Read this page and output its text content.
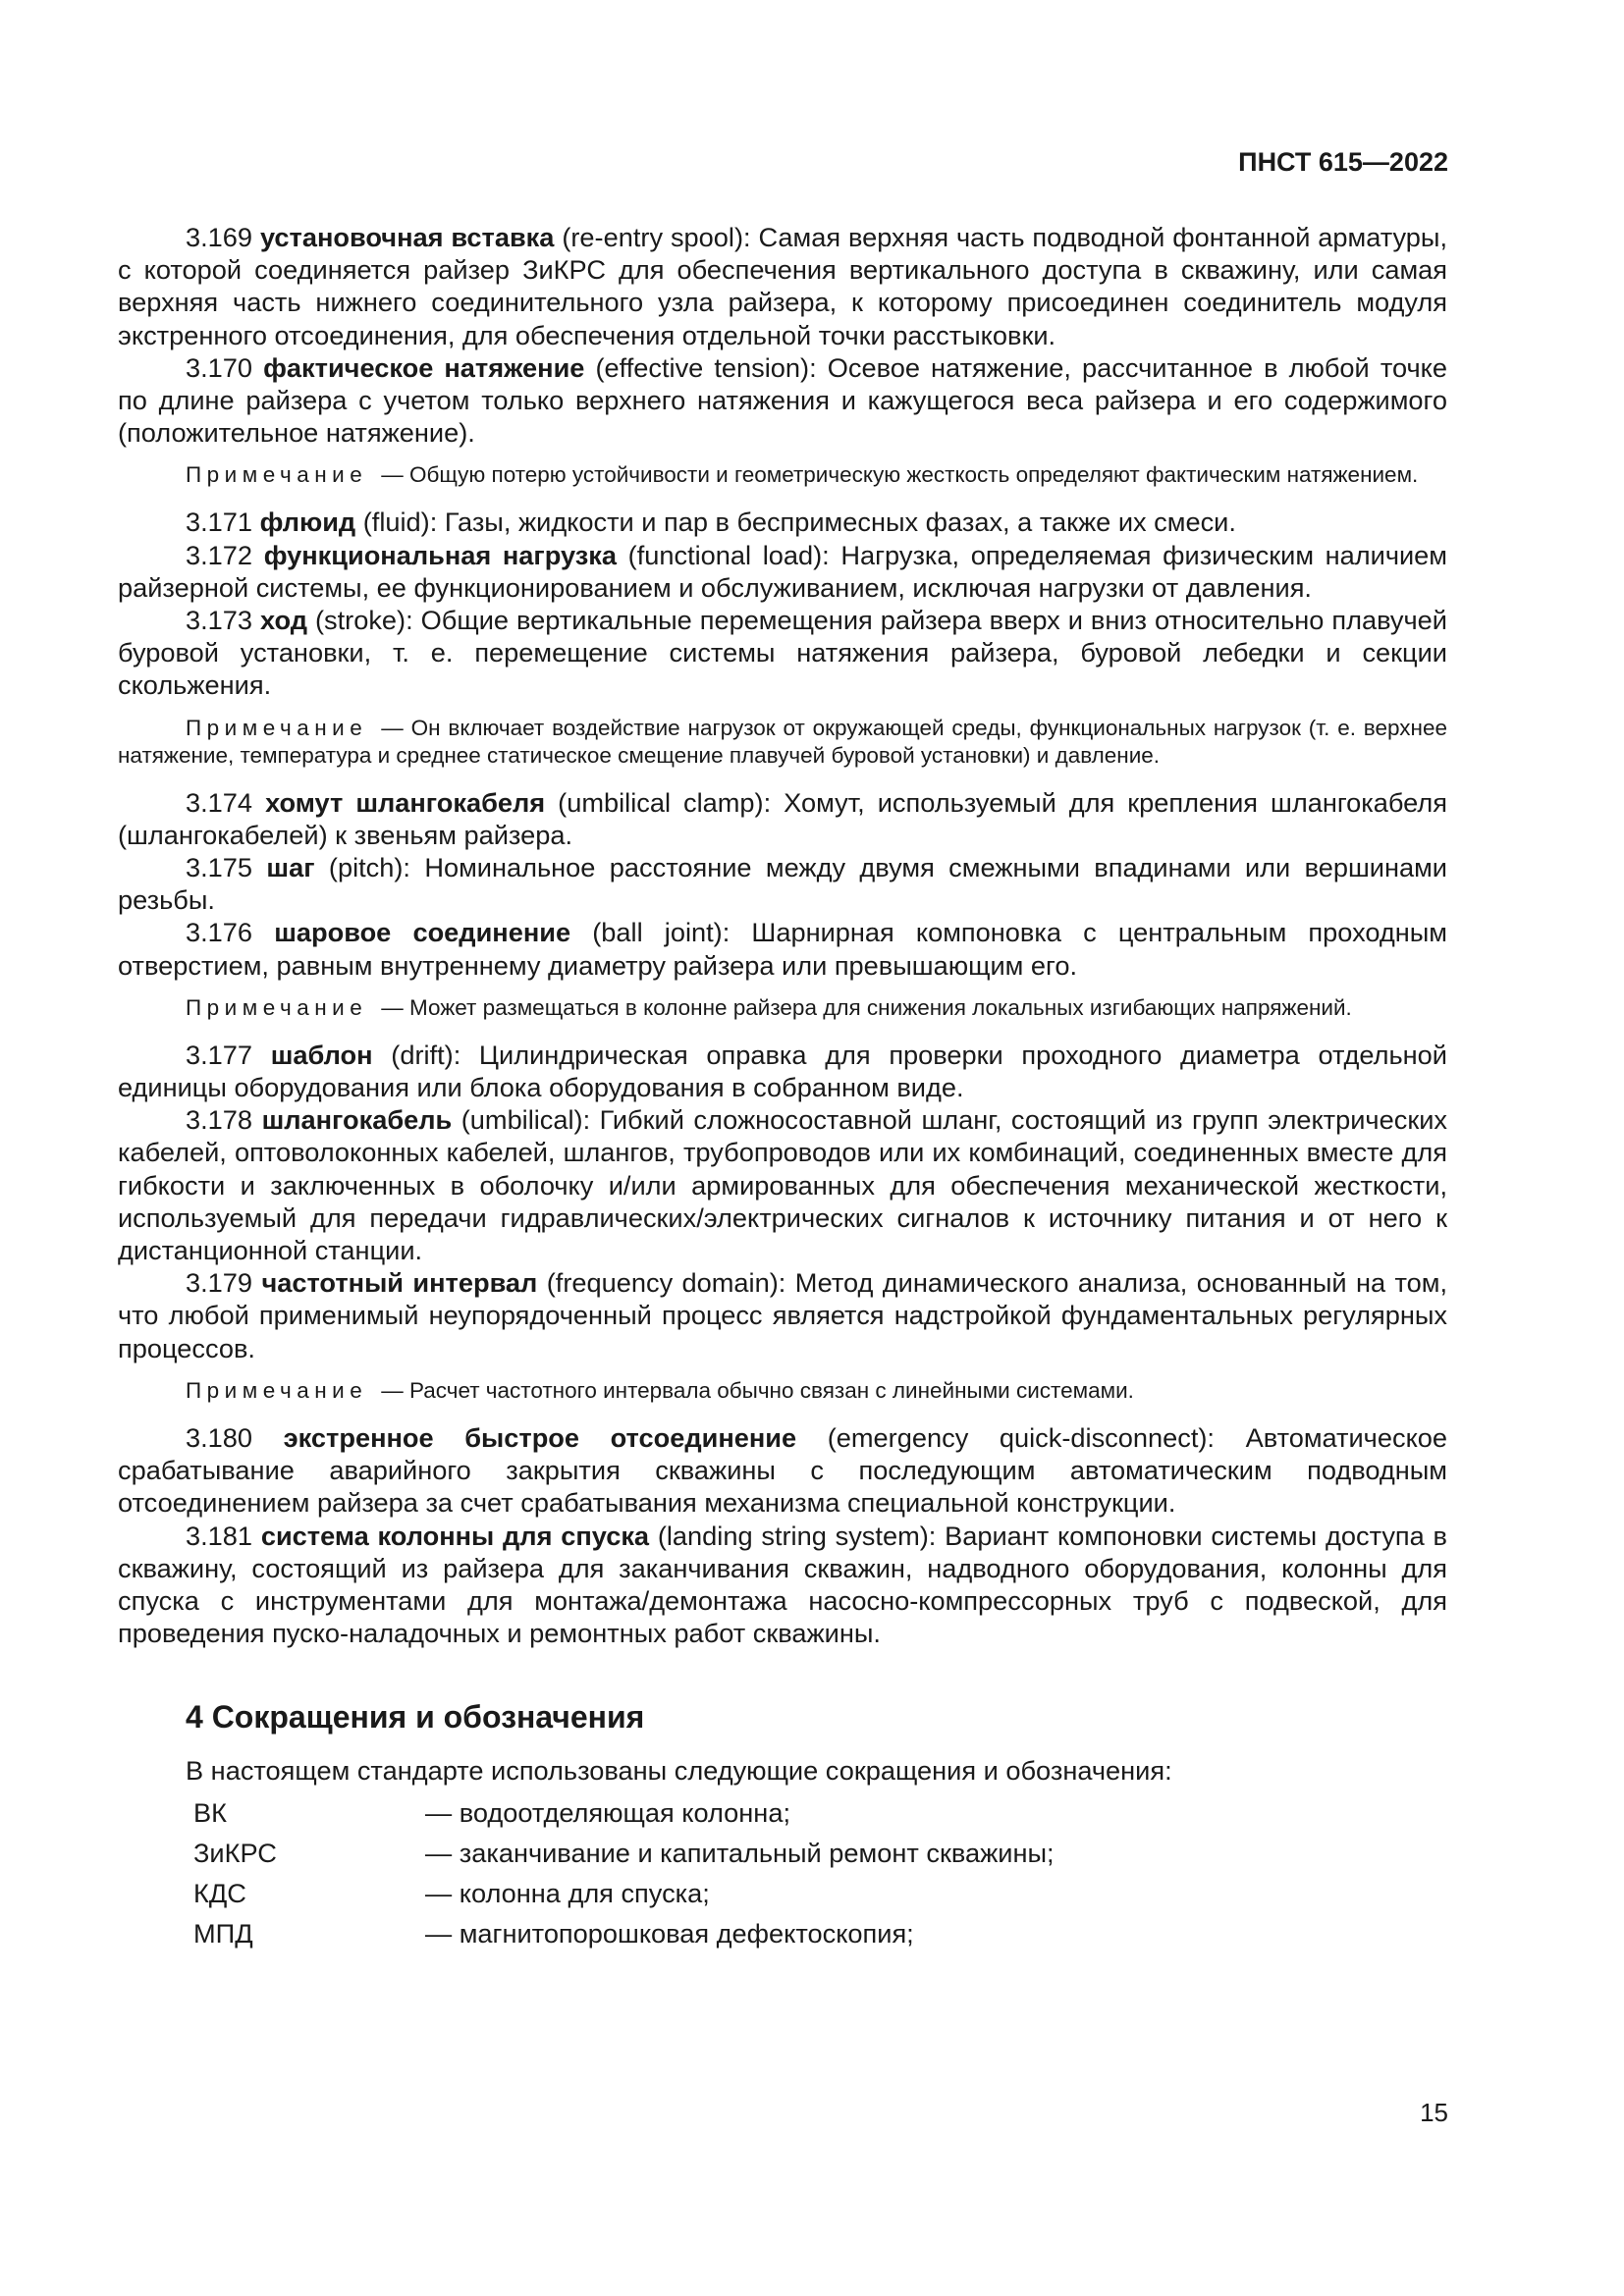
ПНСТ 615—2022

3.169 установочная вставка (re-entry spool): Самая верхняя часть подводной фонтанной арматуры, с которой соединяется райзер ЗиКРС для обеспечения вертикального доступа в скважину, или самая верхняя часть нижнего соединительного узла райзера, к которому присоединен соединитель модуля экстренного отсоединения, для обеспечения отдельной точки расстыковки.

3.170 фактическое натяжение (effective tension): Осевое натяжение, рассчитанное в любой точке по длине райзера с учетом только верхнего натяжения и кажущегося веса райзера и его содержимого (положительное натяжение).

Примечание — Общую потерю устойчивости и геометрическую жесткость определяют фактическим натяжением.

3.171 флюид (fluid): Газы, жидкости и пар в беспримесных фазах, а также их смеси.

3.172 функциональная нагрузка (functional load): Нагрузка, определяемая физическим наличием райзерной системы, ее функционированием и обслуживанием, исключая нагрузки от давления.

3.173 ход (stroke): Общие вертикальные перемещения райзера вверх и вниз относительно плавучей буровой установки, т. е. перемещение системы натяжения райзера, буровой лебедки и секции скольжения.

Примечание — Он включает воздействие нагрузок от окружающей среды, функциональных нагрузок (т. е. верхнее натяжение, температура и среднее статическое смещение плавучей буровой установки) и давление.

3.174 хомут шлангокабеля (umbilical clamp): Хомут, используемый для крепления шлангокабеля (шлангокабелей) к звеньям райзера.

3.175 шаг (pitch): Номинальное расстояние между двумя смежными впадинами или вершинами резьбы.

3.176 шаровое соединение (ball joint): Шарнирная компоновка с центральным проходным отверстием, равным внутреннему диаметру райзера или превышающим его.

Примечание — Может размещаться в колонне райзера для снижения локальных изгибающих напряжений.

3.177 шаблон (drift): Цилиндрическая оправка для проверки проходного диаметра отдельной единицы оборудования или блока оборудования в собранном виде.

3.178 шлангокабель (umbilical): Гибкий сложносоставной шланг, состоящий из групп электрических кабелей, оптоволоконных кабелей, шлангов, трубопроводов или их комбинаций, соединенных вместе для гибкости и заключенных в оболочку и/или армированных для обеспечения механической жесткости, используемый для передачи гидравлических/электрических сигналов к источнику питания и от него к дистанционной станции.

3.179 частотный интервал (frequency domain): Метод динамического анализа, основанный на том, что любой применимый неупорядоченный процесс является надстройкой фундаментальных регулярных процессов.

Примечание — Расчет частотного интервала обычно связан с линейными системами.

3.180 экстренное быстрое отсоединение (emergency quick-disconnect): Автоматическое срабатывание аварийного закрытия скважины с последующим автоматическим подводным отсоединением райзера за счет срабатывания механизма специальной конструкции.

3.181 система колонны для спуска (landing string system): Вариант компоновки системы доступа в скважину, состоящий из райзера для заканчивания скважин, надводного оборудования, колонны для спуска с инструментами для монтажа/демонтажа насосно-компрессорных труб с подвеской, для проведения пуско-наладочных и ремонтных работ скважины.

4 Сокращения и обозначения

В настоящем стандарте использованы следующие сокращения и обозначения:

ВК	— водоотделяющая колонна;
ЗиКРС	— заканчивание и капитальный ремонт скважины;
КДС	— колонна для спуска;
МПД	— магнитопорошковая дефектоскопия;
15
